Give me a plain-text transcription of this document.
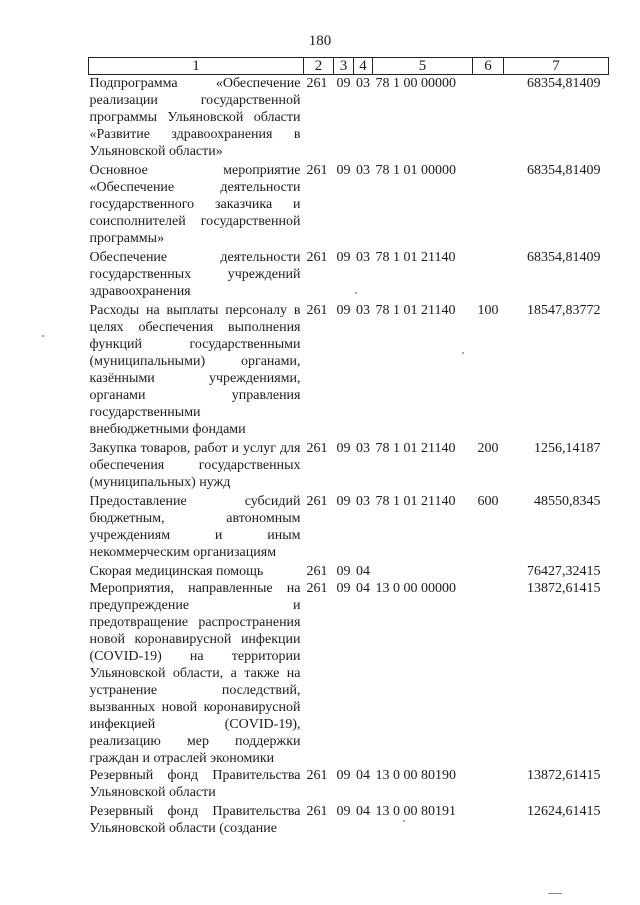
180
1	2	3	4	5	6	7
Подпрограмма «Обеспечение реализации государственной программы Ульяновской области «Развитие здравоохранения в Ульяновской области»	261	09	03	78 1 00 00000		68354,81409
Основное мероприятие «Обеспечение деятельности государственного заказчика и соисполнителей государственной программы»	261	09	03	78 1 01 00000		68354,81409
Обеспечение деятельности государственных учреждений здравоохранения	261	09	03	78 1 01 21140		68354,81409
Расходы на выплаты персоналу в целях обеспечения выполнения функций государственными (муниципальными) органами, казёнными учреждениями, органами управления государственными внебюджетными фондами	261	09	03	78 1 01 21140	100	18547,83772
Закупка товаров, работ и услуг для обеспечения государственных (муниципальных) нужд	261	09	03	78 1 01 21140	200	1256,14187
Предоставление субсидий бюджетным, автономным учреждениям и иным некоммерческим организациям	261	09	03	78 1 01 21140	600	48550,8345
Скорая медицинская помощь	261	09	04			76427,32415
Мероприятия, направленные на предупреждение и предотвращение распространения новой коронавирусной инфекции (COVID-19) на территории Ульяновской области, а также на устранение последствий, вызванных новой коронавирусной инфекцией (COVID-19), реализацию мер поддержки граждан и отраслей экономики	261	09	04	13 0 00 00000		13872,61415
Резервный фонд Правительства Ульяновской области	261	09	04	13 0 00 80190		13872,61415
Резервный фонд Правительства Ульяновской области (создание	261	09	04	13 0 00 80191		12624,61415
